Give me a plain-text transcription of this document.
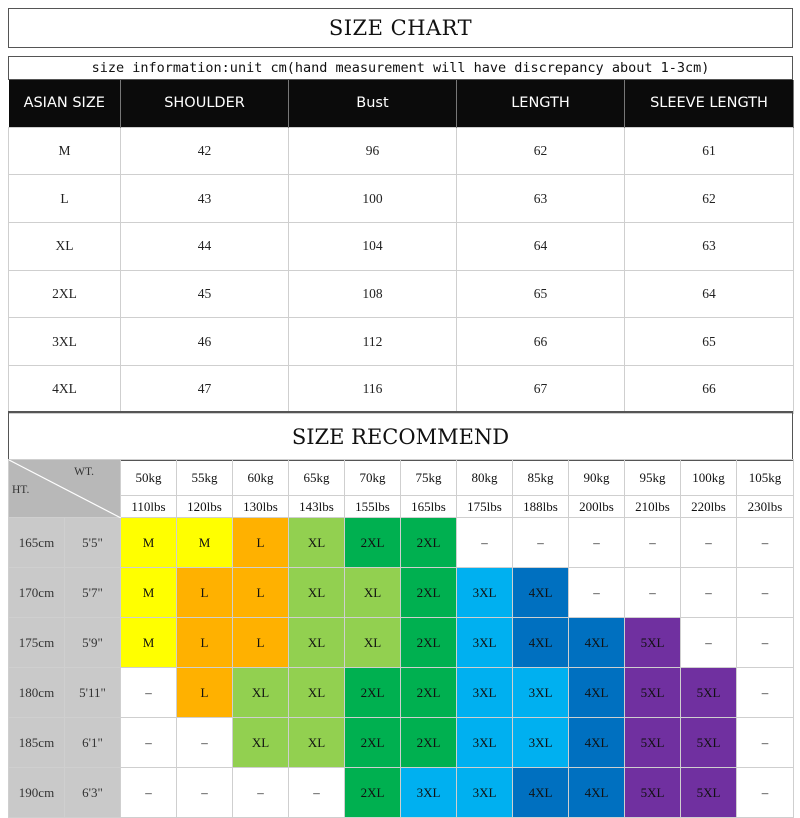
SIZE CHART
size information:unit cm(hand measurement will have discrepancy about 1-3cm)
ASIAN SIZE	SHOULDER	Bust	LENGTH	SLEEVE LENGTH
M	42	96	62	61
L	43	100	63	62
XL	44	104	64	63
2XL	45	108	65	64
3XL	46	112	66	65
4XL	47	116	67	66
SIZE RECOMMEND
WT.
HT.		50kg	55kg	60kg	65kg	70kg	75kg	80kg	85kg	90kg	95kg	100kg	105kg
		110lbs	120lbs	130lbs	143lbs	155lbs	165lbs	175lbs	188lbs	200lbs	210lbs	220lbs	230lbs
165cm	5'5"	M	M	L	XL	2XL	2XL	–	–	–	–	–	–
170cm	5'7"	M	L	L	XL	XL	2XL	3XL	4XL	–	–	–	–
175cm	5'9"	M	L	L	XL	XL	2XL	3XL	4XL	4XL	5XL	–	–
180cm	5'11"	–	L	XL	XL	2XL	2XL	3XL	3XL	4XL	5XL	5XL	–
185cm	6'1"	–	–	XL	XL	2XL	2XL	3XL	3XL	4XL	5XL	5XL	–
190cm	6'3"	–	–	–	–	2XL	3XL	3XL	4XL	4XL	5XL	5XL	–
